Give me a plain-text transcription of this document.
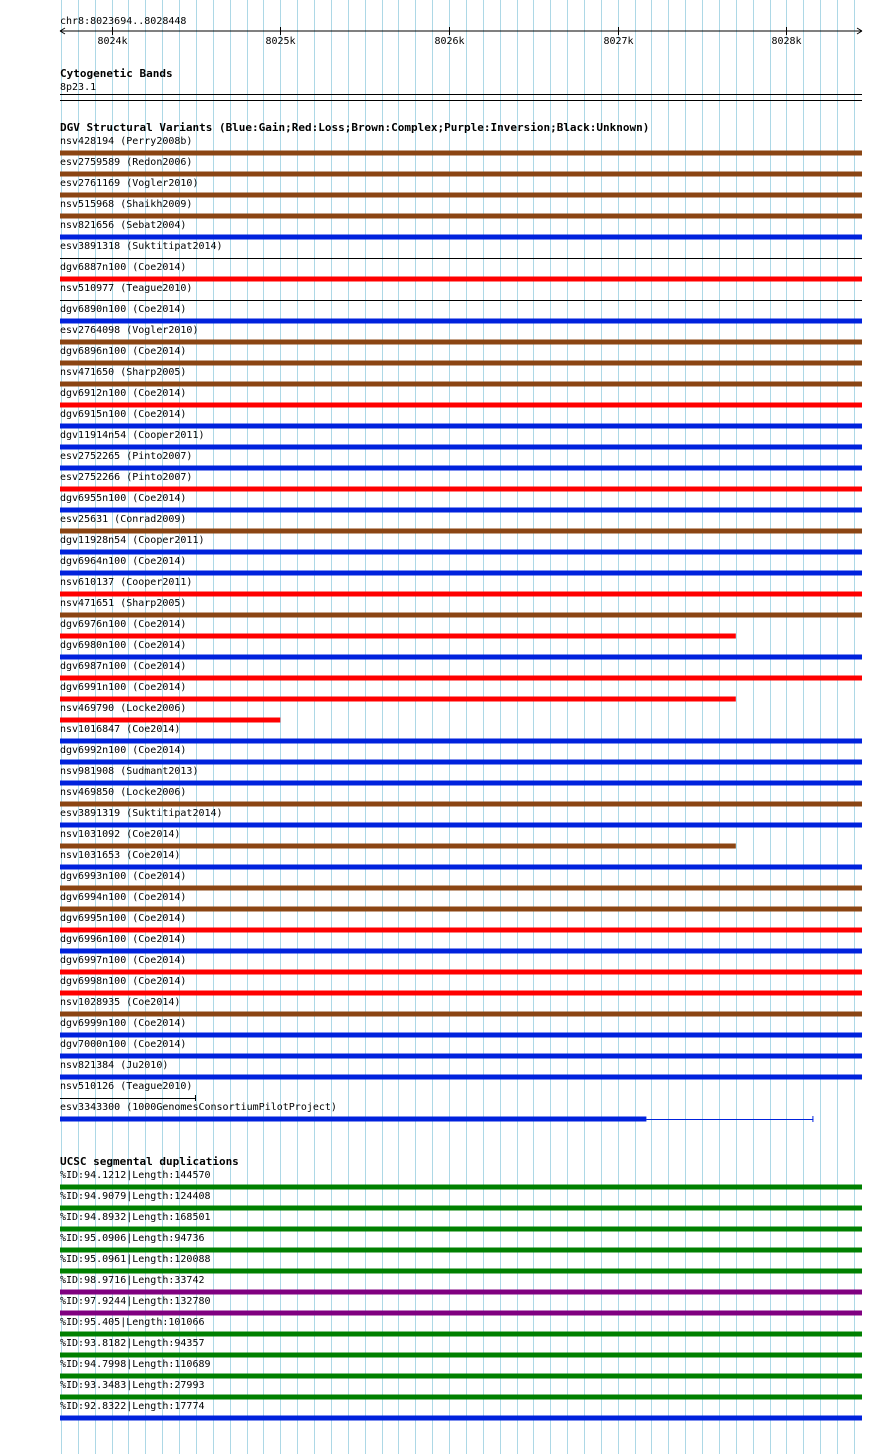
chr8:8023694..8028448
8024k	8025k	8026k	8027k	8028k
Cytogenetic Bands
8p23.1
DGV Structural Variants (Blue:Gain;Red:Loss;Brown:Complex;Purple:Inversion;Black:Unknown)
nsv428194 (Perry2008b)
esv2759589 (Redon2006)
esv2761169 (Vogler2010)
nsv515968 (Shaikh2009)
nsv821656 (Sebat2004)
esv3891318 (Suktitipat2014)
dgv6887n100 (Coe2014)
nsv510977 (Teague2010)
dgv6890n100 (Coe2014)
esv2764098 (Vogler2010)
dgv6896n100 (Coe2014)
nsv471650 (Sharp2005)
dgv6912n100 (Coe2014)
dgv6915n100 (Coe2014)
dgv11914n54 (Cooper2011)
esv2752265 (Pinto2007)
esv2752266 (Pinto2007)
dgv6955n100 (Coe2014)
esv25631 (Conrad2009)
dgv11928n54 (Cooper2011)
dgv6964n100 (Coe2014)
nsv610137 (Cooper2011)
nsv471651 (Sharp2005)
dgv6976n100 (Coe2014)
dgv6980n100 (Coe2014)
dgv6987n100 (Coe2014)
dgv6991n100 (Coe2014)
nsv469790 (Locke2006)
nsv1016847 (Coe2014)
dgv6992n100 (Coe2014)
nsv981908 (Sudmant2013)
nsv469850 (Locke2006)
esv3891319 (Suktitipat2014)
nsv1031092 (Coe2014)
nsv1031653 (Coe2014)
dgv6993n100 (Coe2014)
dgv6994n100 (Coe2014)
dgv6995n100 (Coe2014)
dgv6996n100 (Coe2014)
dgv6997n100 (Coe2014)
dgv6998n100 (Coe2014)
nsv1028935 (Coe2014)
dgv6999n100 (Coe2014)
dgv7000n100 (Coe2014)
nsv821384 (Ju2010)
nsv510126 (Teague2010)
esv3343300 (1000GenomesConsortiumPilotProject)
UCSC segmental duplications
%ID:94.1212|Length:144570
%ID:94.9079|Length:124408
%ID:94.8932|Length:168501
%ID:95.0906|Length:94736
%ID:95.0961|Length:120088
%ID:98.9716|Length:33742
%ID:97.9244|Length:132780
%ID:95.405|Length:101066
%ID:93.8182|Length:94357
%ID:94.7998|Length:110689
%ID:93.3483|Length:27993
%ID:92.8322|Length:17774
